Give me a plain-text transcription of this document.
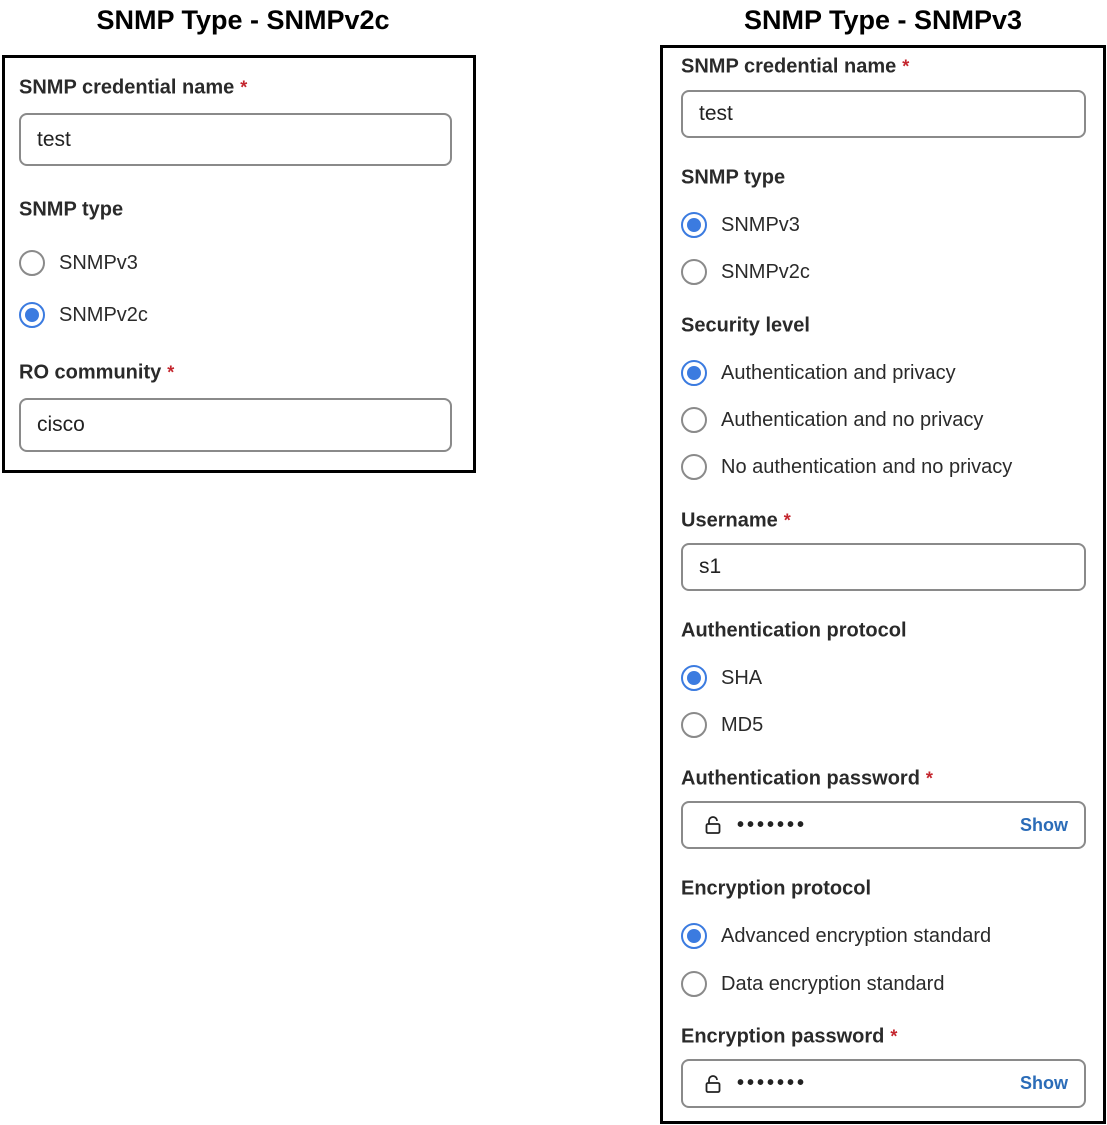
SNMP Type - SNMPv2c
SNMP credential name *
test
SNMP type
SNMPv3
SNMPv2c
RO community *
cisco
SNMP Type - SNMPv3
SNMP credential name *
test
SNMP type
SNMPv3
SNMPv2c
Security level
Authentication and privacy
Authentication and no privacy
No authentication and no privacy
Username *
s1
Authentication protocol
SHA
MD5
Authentication password *
•••••••	Show
Encryption protocol
Advanced encryption standard
Data encryption standard
Encryption password *
•••••••	Show
